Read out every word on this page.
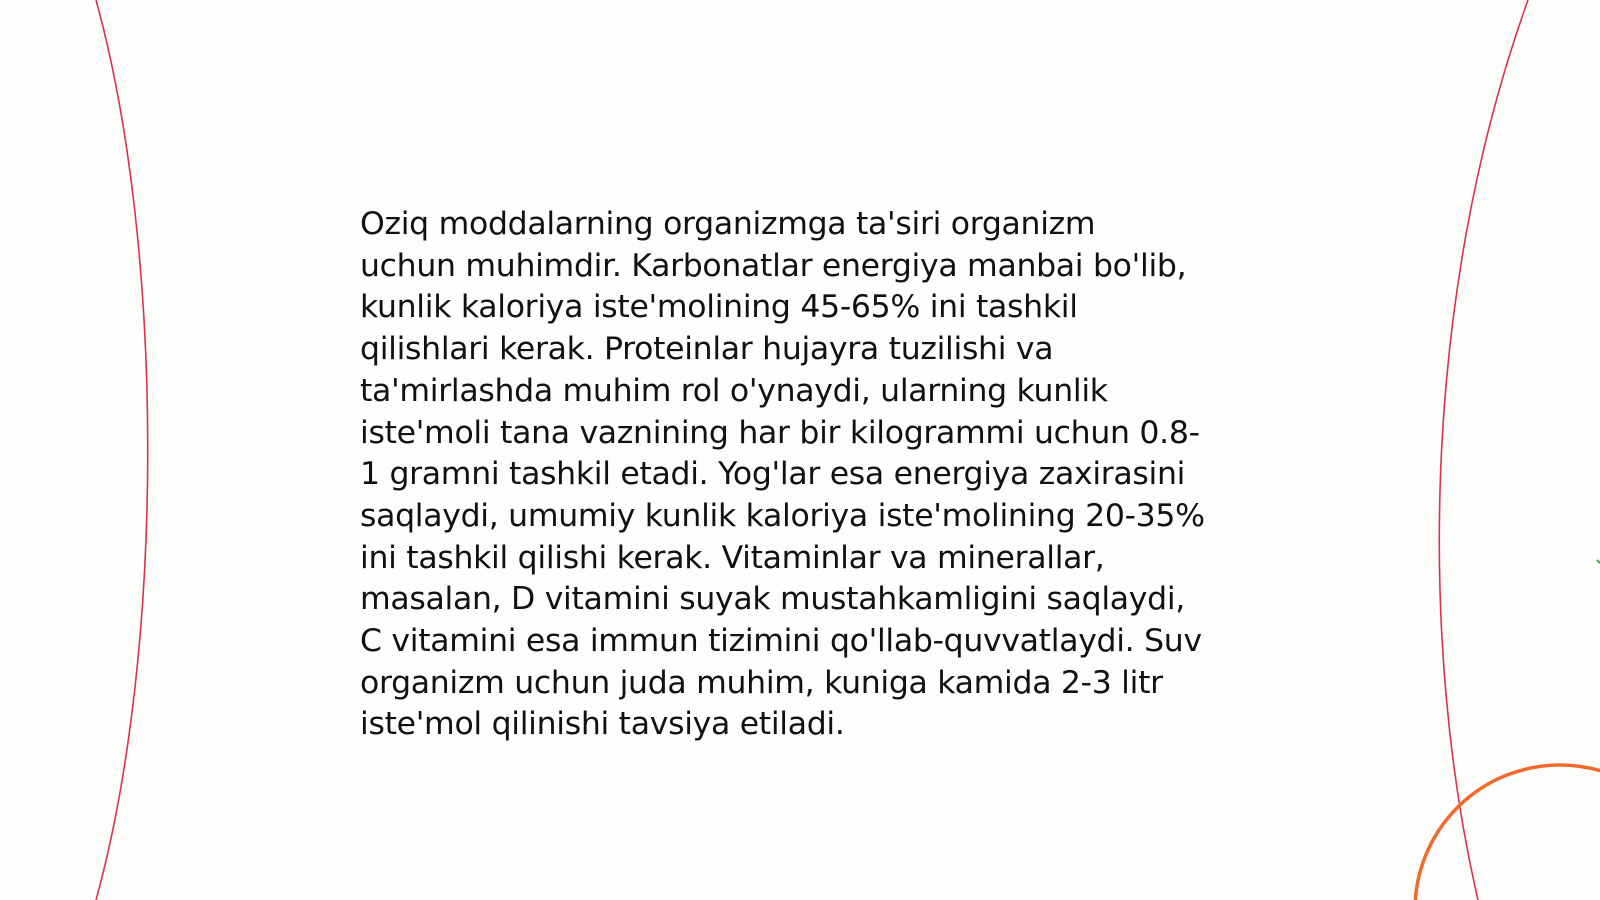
Oziq moddalarning organizmga ta'siri organizm
uchun muhimdir. Karbonatlar energiya manbai bo'lib,
kunlik kaloriya iste'molining 45-65% ini tashkil
qilishlari kerak. Proteinlar hujayra tuzilishi va
ta'mirlashda muhim rol o'ynaydi, ularning kunlik
iste'moli tana vaznining har bir kilogrammi uchun 0.8-
1 gramni tashkil etadi. Yog'lar esa energiya zaxirasini
saqlaydi, umumiy kunlik kaloriya iste'molining 20-35%
ini tashkil qilishi kerak. Vitaminlar va minerallar,
masalan, D vitamini suyak mustahkamligini saqlaydi,
C vitamini esa immun tizimini qo'llab-quvvatlaydi. Suv
organizm uchun juda muhim, kuniga kamida 2-3 litr
iste'mol qilinishi tavsiya etiladi.
